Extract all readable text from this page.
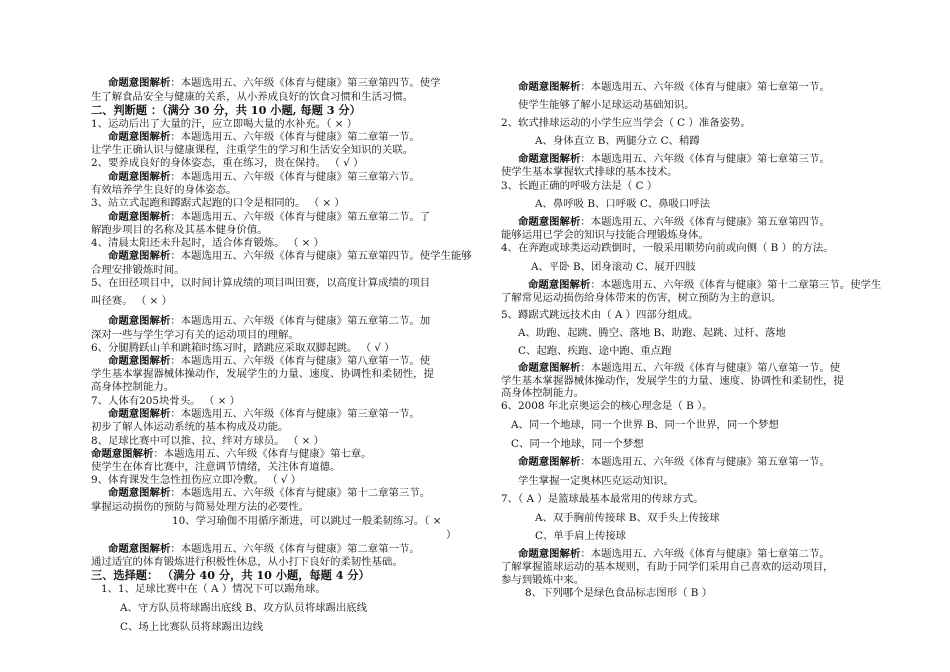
命题意图解析：本题选用五、六年级《体育与健康》第三章第四节。使学
生了解食品安全与健康的关系，从小养成良好的饮食习惯和生活习惯。
二、判断题 ：（满分 30 分，共 10 小题, 每题 3 分）
1、运动后出了大量的汗，应立即喝大量的水补充。（ × ）
命题意图解析：本题选用五、六年级《体育与健康》第二章第一节。
让学生正确认识与健康课程，注重学生的学习和生活安全知识的关联。
2、要养成良好的身体姿态，重在练习，贵在保持。 （ √ ）
命题意图解析：本题选用五、六年级《体育与健康》第三章第六节。
有效培养学生良好的身体姿态。
3、站立式起跑和蹲踞式起跑的口令是相同的。 （ × ）
命题意图解析：本题选用五、六年级《体育与健康》第五章第二节。了
解跑步项目的名称及其基本健身价值。
4、清晨太阳还未升起时，适合体育锻炼。 （ × ）
命题意图解析：本题选用五、六年级《体育与健康》第五章第四节。使学生能够
合理安排锻炼时间。
5、在田径项目中，以时间计算成绩的项目叫田赛，以高度计算成绩的项目
叫径赛。 （ × ）
命题意图解析：本题选用五、六年级《体育与健康》第五章第二节。加
深对一些与学生学习有关的运动项目的理解。
6、分腿腾跃山羊和跳箱时练习时，踏跳应采取双脚起跳。 （ √ ）
命题意图解析：本题选用五、六年级《体育与健康》第八章第一节。使
学生基本掌握器械体操动作，发展学生的力量、速度、协调性和柔韧性，提
高身体控制能力。
7、人体有205块骨头。 （ × ）
命题意图解析：本题选用五、六年级《体育与健康》第三章第一节。
初步了解人体运动系统的基本构成及功能。
8、足球比赛中可以推、拉、绊对方球员。 （ × ）
命题意图解析：本题选用五、六年级《体育与健康》第七章。
使学生在体育比赛中，注意调节情绪，关注体育道德。
9、体育课发生急性扭伤应立即冷敷。 （ √ ）
命题意图解析：本题选用五、六年级《体育与健康》第十二章第三节。
掌握运动损伤的预防与简易处理方法的必要性。
10、学习瑜伽不用循序渐进，可以跳过一般柔韧练习。（ ×
）
命题意图解析：本题选用五、六年级《体育与健康》第二章第一节。
通过适宜的体育锻炼进行积极性休息，从小打下良好的柔韧性基础。
三、选择题： （满分 40 分，共 10 小题，每题 4 分）
1、1、足球比赛中在（ A ）情况下可以踢角球。
A、守方队员将球踢出底线 B、攻方队员将球踢出底线
C、场上比赛队员将球踢出边线
命题意图解析：本题选用五、六年级《体育与健康》第七章第一节。
使学生能够了解小足球运动基础知识。
2、软式排球运动的小学生应当学会（ C ）准备姿势。
A、身体直立 B、两腿分立 C、稍蹲
命题意图解析：本题选用五、六年级《体育与健康》第七章第三节。
使学生基本掌握软式排球的基本技术。
3、长跑正确的呼吸方法是（ C ）
A、鼻呼吸 B、口呼吸 C、鼻吸口呼法
命题意图解析：本题选用五、六年级《体育与健康》第五章第四节。
能够运用已学会的知识与技能合理锻炼身体。
4、在奔跑或球类运动跌倒时，一般采用顺势向前或向侧（ B ）的方法。
A、平卧 B、团身滚动 C、展开四肢
命题意图解析：本题选用五、六年级《体育与健康》第十二章第三节。使学生
了解常见运动损伤给身体带来的伤害，树立预防为主的意识。
5、蹲踞式跳远技术由（ A ）四部分组成。
A、助跑、起跳、腾空、落地 B、助跑、起跳、过杆、落地
C、起跑、疾跑、途中跑、重点跑
命题意图解析：本题选用五、六年级《体育与健康》第八章第一节。使
学生基本掌握器械体操动作，发展学生的力量、速度、协调性和柔韧性，提
高身体控制能力。
6、2008 年北京奥运会的核心理念是（ B ）。
A、同一个地球，同一个世界 B、同一个世界，同一个梦想
C、同一个地球，同一个梦想
命题意图解析：本题选用五、六年级《体育与健康》第五章第一节。
学生掌握一定奥林匹克运动知识。
7、（ A ）是篮球最基本最常用的传球方式。
A、双手胸前传接球 B、双手头上传接球
C、单手肩上传接球
命题意图解析：本题选用五、六年级《体育与健康》第七章第二节。
了解掌握篮球运动的基本规则，有助于同学们采用自己喜欢的运动项目，
参与到锻炼中来。
8、下列哪个是绿色食品标志图形（ B ）
